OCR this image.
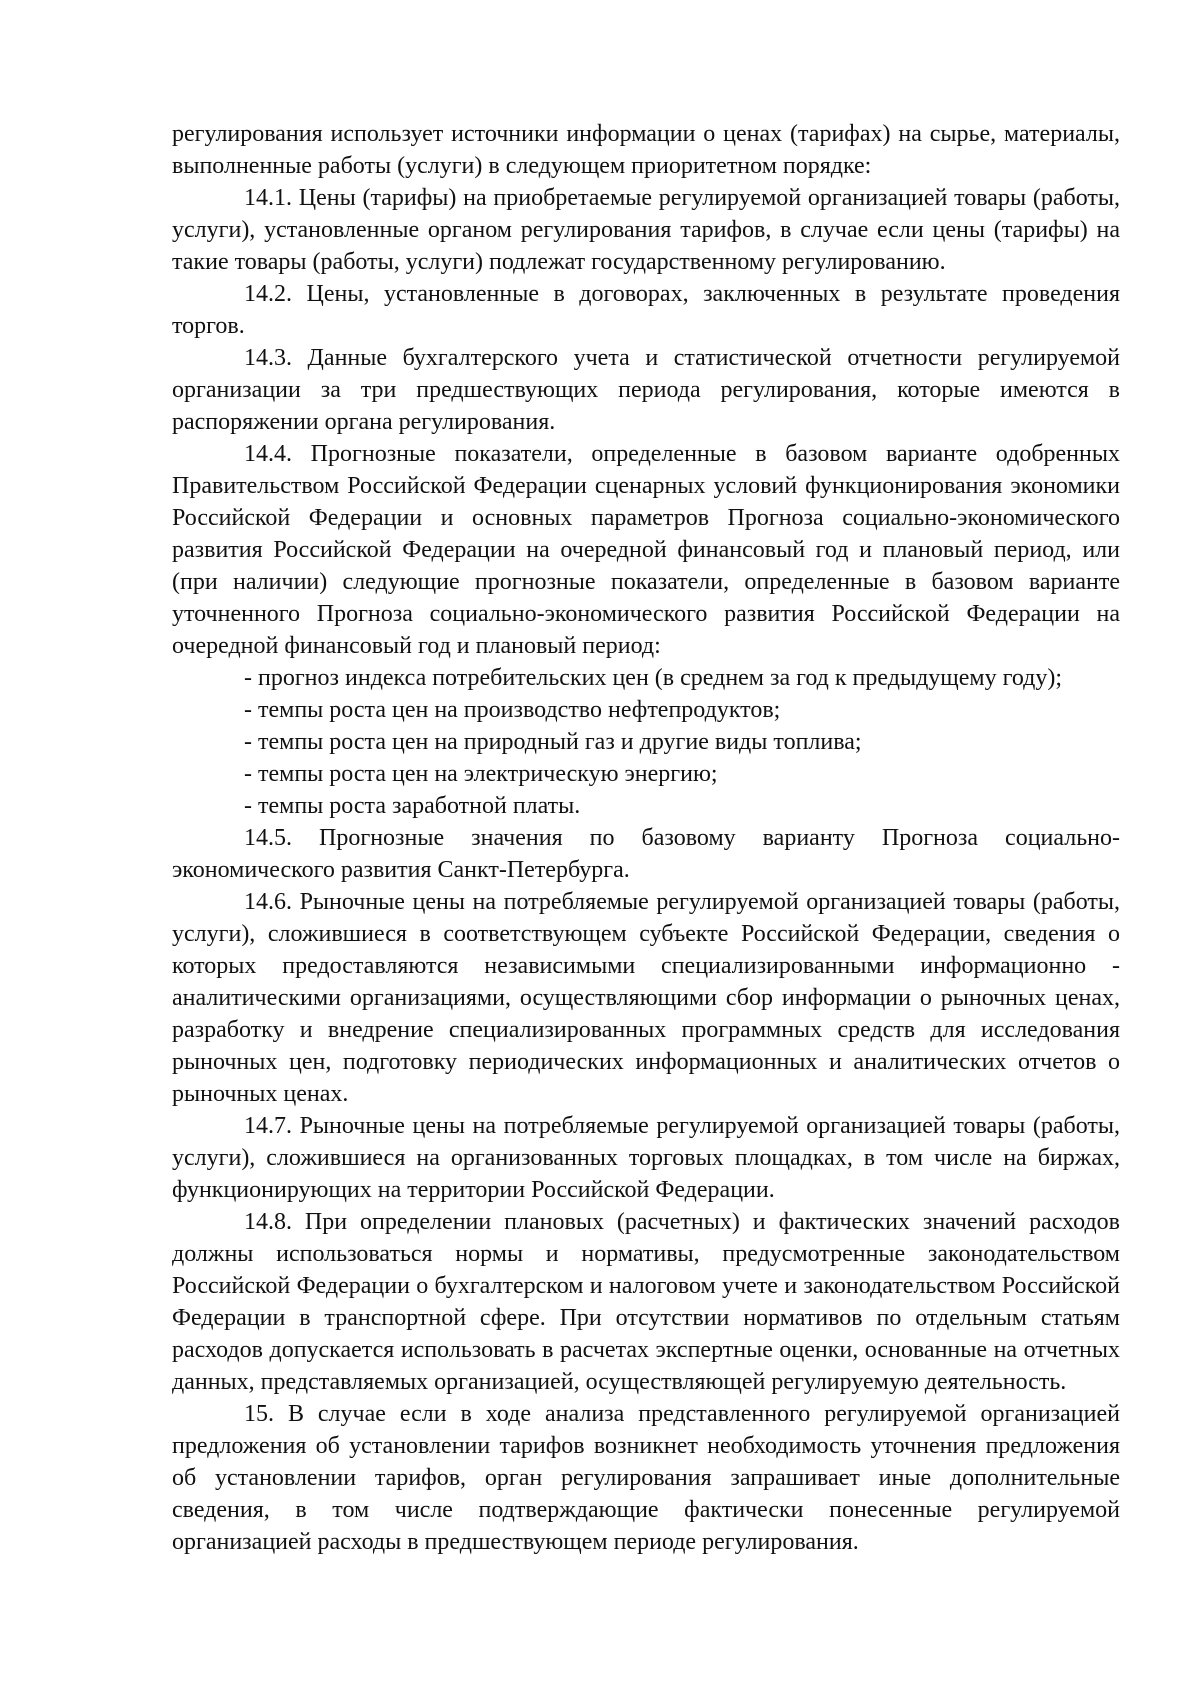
регулирования использует источники информации о ценах (тарифах) на сырье, материалы, выполненные работы (услуги) в следующем приоритетном порядке:

14.1. Цены (тарифы) на приобретаемые регулируемой организацией товары (работы, услуги), установленные органом регулирования тарифов, в случае если цены (тарифы) на такие товары (работы, услуги) подлежат государственному регулированию.

14.2. Цены, установленные в договорах, заключенных в результате проведения торгов.

14.3. Данные бухгалтерского учета и статистической отчетности регулируемой организации за три предшествующих периода регулирования, которые имеются в распоряжении органа регулирования.

14.4. Прогнозные показатели, определенные в базовом варианте одобренных Правительством Российской Федерации сценарных условий функционирования экономики Российской Федерации и основных параметров Прогноза социально-экономического развития Российской Федерации на очередной финансовый год и плановый период, или (при наличии) следующие прогнозные показатели, определенные в базовом варианте уточненного Прогноза социально-экономического развития Российской Федерации на очередной финансовый год и плановый период:

- прогноз индекса потребительских цен (в среднем за год к предыдущему году);

- темпы роста цен на производство нефтепродуктов;

- темпы роста цен на природный газ и другие виды топлива;

- темпы роста цен на электрическую энергию;

- темпы роста заработной платы.

14.5. Прогнозные значения по базовому варианту Прогноза социально-экономического развития Санкт-Петербурга.

14.6. Рыночные цены на потребляемые регулируемой организацией товары (работы, услуги), сложившиеся в соответствующем субъекте Российской Федерации, сведения о которых предоставляются независимыми специализированными информационно - аналитическими организациями, осуществляющими сбор информации о рыночных ценах, разработку и внедрение специализированных программных средств для исследования рыночных цен, подготовку периодических информационных и аналитических отчетов о рыночных ценах.

14.7. Рыночные цены на потребляемые регулируемой организацией товары (работы, услуги), сложившиеся на организованных торговых площадках, в том числе на биржах, функционирующих на территории Российской Федерации.

14.8. При определении плановых (расчетных) и фактических значений расходов должны использоваться нормы и нормативы, предусмотренные законодательством Российской Федерации о бухгалтерском и налоговом учете и законодательством Российской Федерации в транспортной сфере. При отсутствии нормативов по отдельным статьям расходов допускается использовать в расчетах экспертные оценки, основанные на отчетных данных, представляемых организацией, осуществляющей регулируемую деятельность.

15. В случае если в ходе анализа представленного регулируемой организацией предложения об установлении тарифов возникнет необходимость уточнения предложения об установлении тарифов, орган регулирования запрашивает иные дополнительные сведения, в том числе подтверждающие фактически понесенные регулируемой организацией расходы в предшествующем периоде регулирования.
